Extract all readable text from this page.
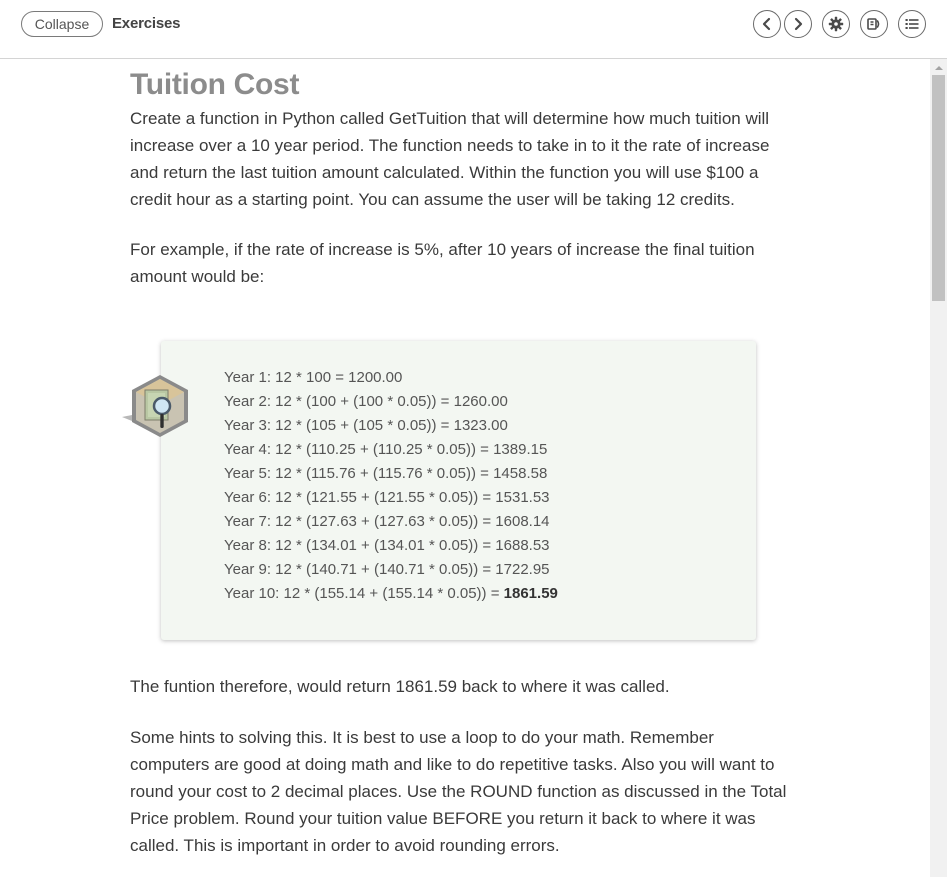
Collapse	Exercises
Tuition Cost

Create a function in Python called GetTuition that will determine how much tuition will increase over a 10 year period. The function needs to take in to it the rate of increase and return the last tuition amount calculated. Within the function you will use $100 a credit hour as a starting point. You can assume the user will be taking 12 credits.

For example, if the rate of increase is 5%, after 10 years of increase the final tuition amount would be:

Year 1: 12 * 100 = 1200.00
Year 2: 12 * (100 + (100 * 0.05)) = 1260.00
Year 3: 12 * (105 + (105 * 0.05)) = 1323.00
Year 4: 12 * (110.25 + (110.25 * 0.05)) = 1389.15
Year 5: 12 * (115.76 + (115.76 * 0.05)) = 1458.58
Year 6: 12 * (121.55 + (121.55 * 0.05)) = 1531.53
Year 7: 12 * (127.63 + (127.63 * 0.05)) = 1608.14
Year 8: 12 * (134.01 + (134.01 * 0.05)) = 1688.53
Year 9: 12 * (140.71 + (140.71 * 0.05)) = 1722.95
Year 10: 12 * (155.14 + (155.14 * 0.05)) = 1861.59

The funtion therefore, would return 1861.59 back to where it was called.

Some hints to solving this. It is best to use a loop to do your math. Remember computers are good at doing math and like to do repetitive tasks. Also you will want to round your cost to 2 decimal places. Use the ROUND function as discussed in the Total Price problem. Round your tuition value BEFORE you return it back to where it was called. This is important in order to avoid rounding errors.
